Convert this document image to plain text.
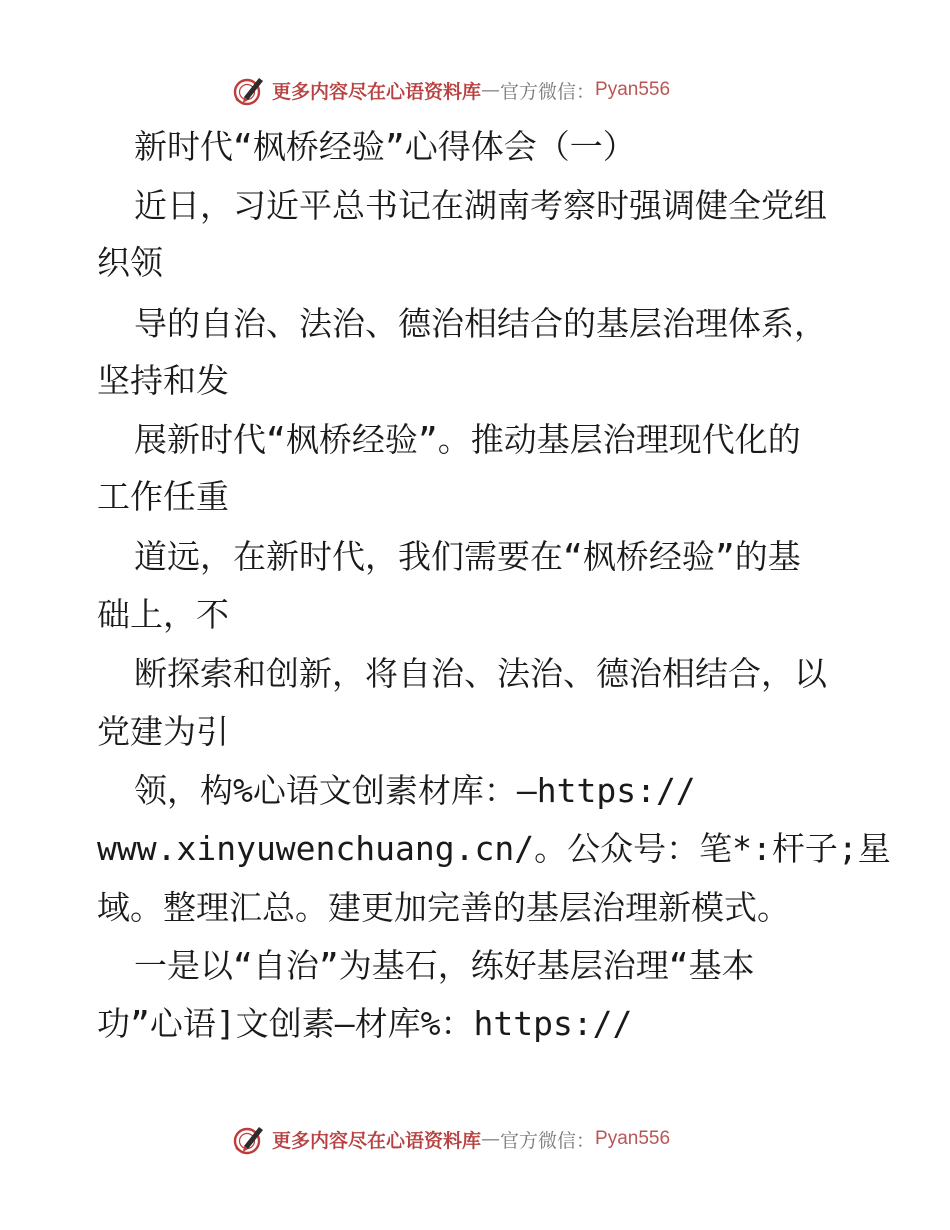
更多内容尽在心语资料库 — 官方微信： Pyan556
新时代“枫桥经验”心得体会（一）
近日，习近平总书记在湖南考察时强调健全党组
织领
导的自治、法治、德治相结合的基层治理体系，
坚持和发
展新时代“枫桥经验”。推动基层治理现代化的
工作任重
道远，在新时代，我们需要在“枫桥经验”的基
础上，不
断探索和创新，将自治、法治、德治相结合，以
党建为引
领，构%心语文创素材库：—https://
www.xinyuwenchuang.cn/。公众号：笔*:杆子;星
域。整理汇总。建更加完善的基层治理新模式。
一是以“自治”为基石，练好基层治理“基本
功”心语]文创素—材库%：https://
更多内容尽在心语资料库 — 官方微信： Pyan556
